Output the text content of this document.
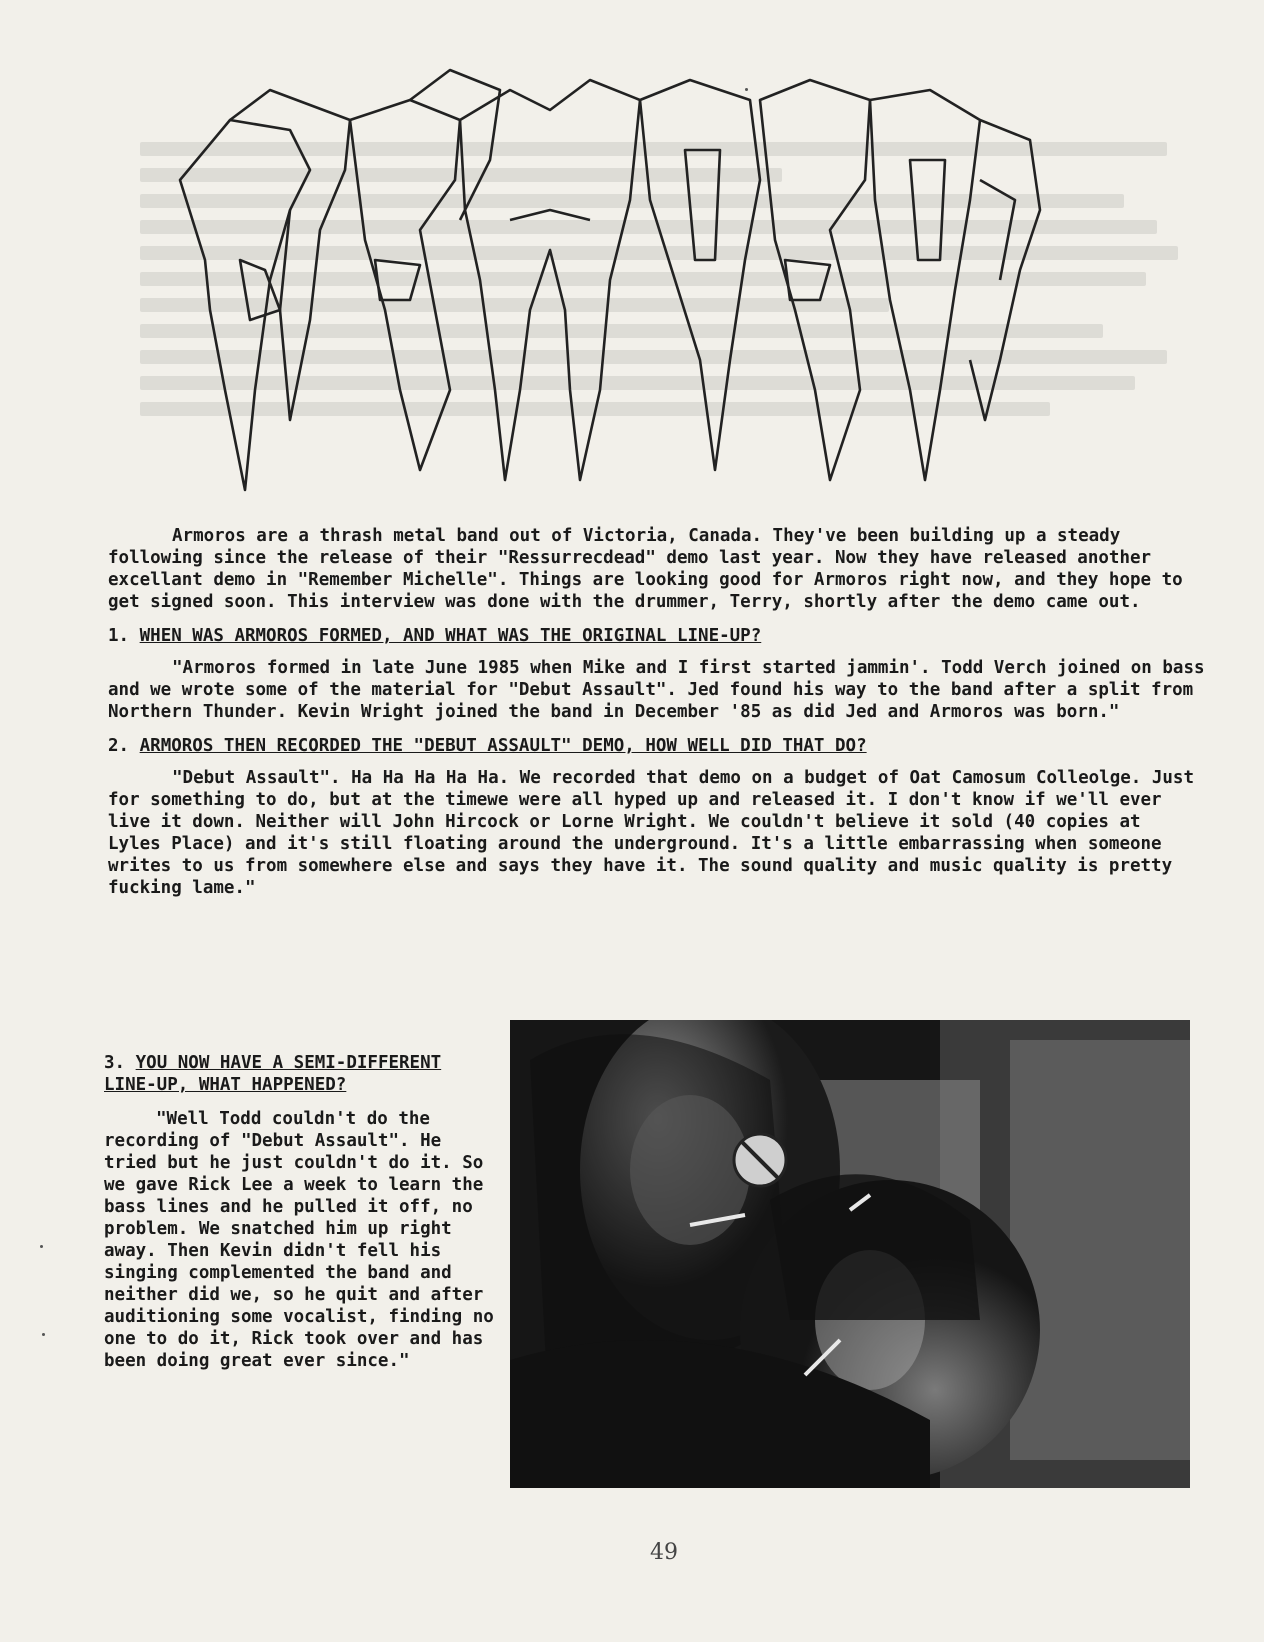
Armoros are a thrash metal band out of Victoria, Canada. They've been building up a steady following since the release of their "Ressurrecdead" demo last year. Now they have released another excellant demo in "Remember Michelle". Things are looking good for Armoros right now, and they hope to get signed soon. This interview was done with the drummer, Terry, shortly after the demo came out.
1. WHEN WAS ARMOROS FORMED, AND WHAT WAS THE ORIGINAL LINE-UP?
"Armoros formed in late June 1985 when Mike and I first started jammin'. Todd Verch joined on bass and we wrote some of the material for "Debut Assault". Jed found his way to the band after a split from Northern Thunder. Kevin Wright joined the band in December '85 as did Jed and Armoros was born."
2. ARMOROS THEN RECORDED THE "DEBUT ASSAULT" DEMO, HOW WELL DID THAT DO?
"Debut Assault". Ha Ha Ha Ha Ha. We recorded that demo on a budget of Oat Camosum Colleolge. Just for something to do, but at the timewe were all hyped up and released it. I don't know if we'll ever live it down. Neither will John Hircock or Lorne Wright. We couldn't believe it sold (40 copies at Lyles Place) and it's still floating around the underground. It's a little embarrassing when someone writes to us from somewhere else and says they have it. The sound quality and music quality is pretty fucking lame."
3. YOU NOW HAVE A SEMI-DIFFERENT LINE-UP, WHAT HAPPENED?
"Well Todd couldn't do the recording of "Debut Assault". He tried but he just couldn't do it. So we gave Rick Lee a week to learn the bass lines and he pulled it off, no problem. We snatched him up right away. Then Kevin didn't fell his singing complemented the band and neither did we, so he quit and after auditioning some vocalist, finding no one to do it, Rick took over and has been doing great ever since."
49
